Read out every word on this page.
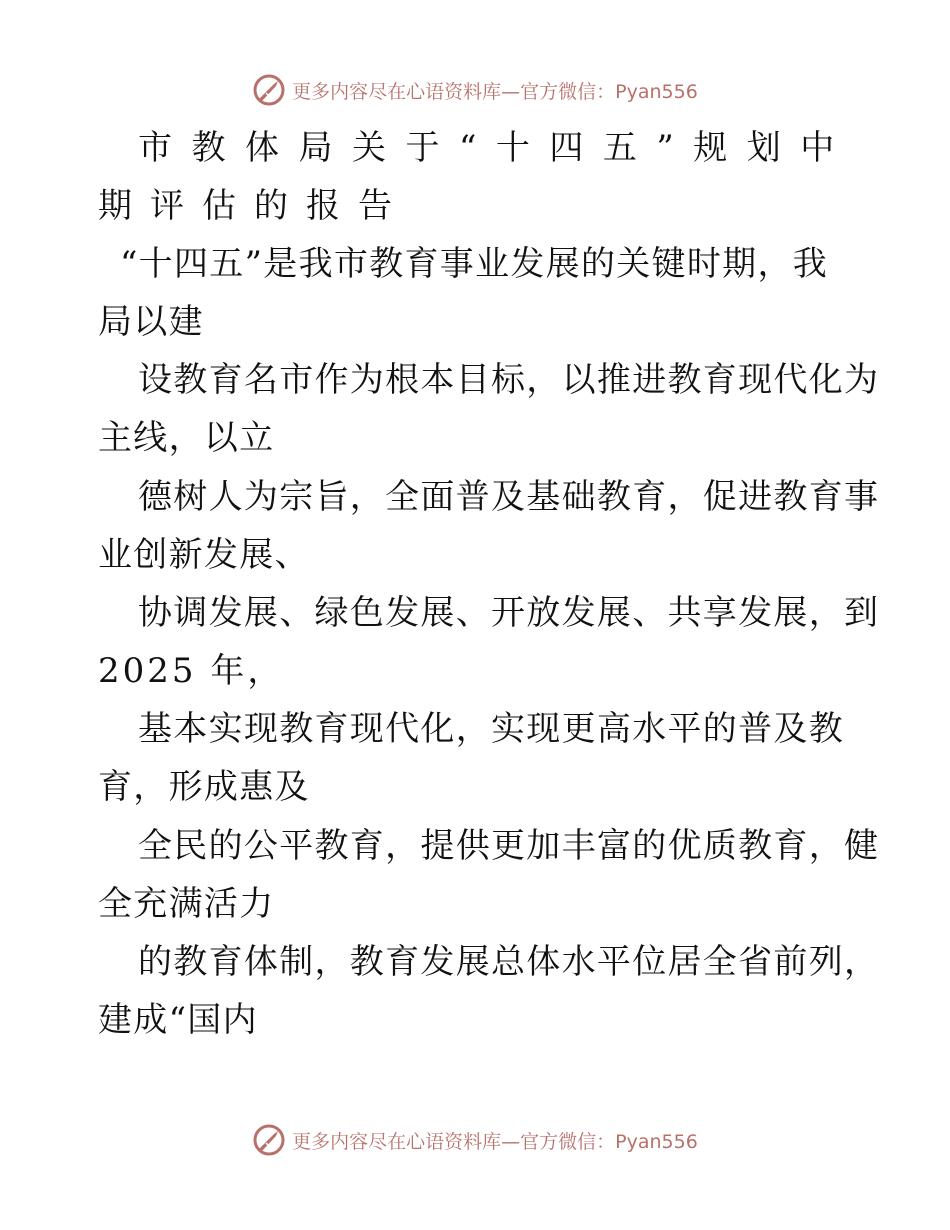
更多内容尽在心语资料库—官方微信：Pyan556
市教体局关于“十四五”规划中
期评估的报告
“十四五”是我市教育事业发展的关键时期，我
局以建
设教育名市作为根本目标，以推进教育现代化为
主线，以立
德树人为宗旨，全面普及基础教育，促进教育事
业创新发展、
协调发展、绿色发展、开放发展、共享发展，到
2025 年，
基本实现教育现代化，实现更高水平的普及教
育，形成惠及
全民的公平教育，提供更加丰富的优质教育，健
全充满活力
的教育体制，教育发展总体水平位居全省前列，
建成“国内
更多内容尽在心语资料库—官方微信：Pyan556
